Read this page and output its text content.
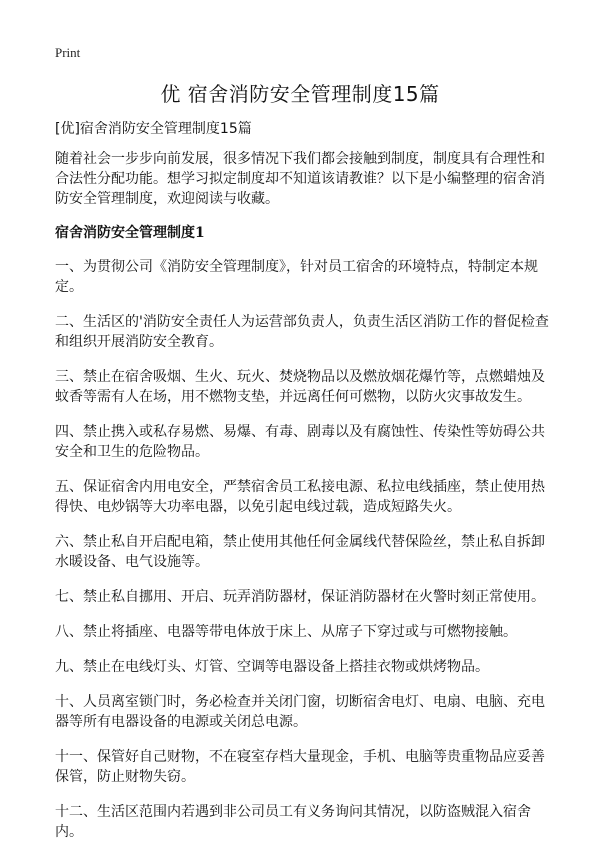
Print
优 宿舍消防安全管理制度15篇

[优]宿舍消防安全管理制度15篇

随着社会一步步向前发展，很多情况下我们都会接触到制度，制度具有合理性和合法性分配功能。想学习拟定制度却不知道该请教谁？以下是小编整理的宿舍消防安全管理制度，欢迎阅读与收藏。

宿舍消防安全管理制度1

一、为贯彻公司《消防安全管理制度》，针对员工宿舍的环境特点，特制定本规定。

二、生活区的'消防安全责任人为运营部负责人，负责生活区消防工作的督促检查和组织开展消防安全教育。

三、禁止在宿舍吸烟、生火、玩火、焚烧物品以及燃放烟花爆竹等，点燃蜡烛及蚊香等需有人在场，用不燃物支垫，并远离任何可燃物，以防火灾事故发生。

四、禁止携入或私存易燃、易爆、有毒、剧毒以及有腐蚀性、传染性等妨碍公共安全和卫生的危险物品。

五、保证宿舍内用电安全，严禁宿舍员工私接电源、私拉电线插座，禁止使用热得快、电炒锅等大功率电器，以免引起电线过载，造成短路失火。

六、禁止私自开启配电箱，禁止使用其他任何金属线代替保险丝，禁止私自拆卸水暖设备、电气设施等。

七、禁止私自挪用、开启、玩弄消防器材，保证消防器材在火警时刻正常使用。

八、禁止将插座、电器等带电体放于床上、从席子下穿过或与可燃物接触。

九、禁止在电线灯头、灯管、空调等电器设备上搭挂衣物或烘烤物品。

十、人员离室锁门时，务必检查并关闭门窗，切断宿舍电灯、电扇、电脑、充电器等所有电器设备的电源或关闭总电源。

十一、保管好自己财物，不在寝室存档大量现金，手机、电脑等贵重物品应妥善保管，防止财物失窃。

十二、生活区范围内若遇到非公司员工有义务询问其情况，以防盗贼混入宿舍内。
